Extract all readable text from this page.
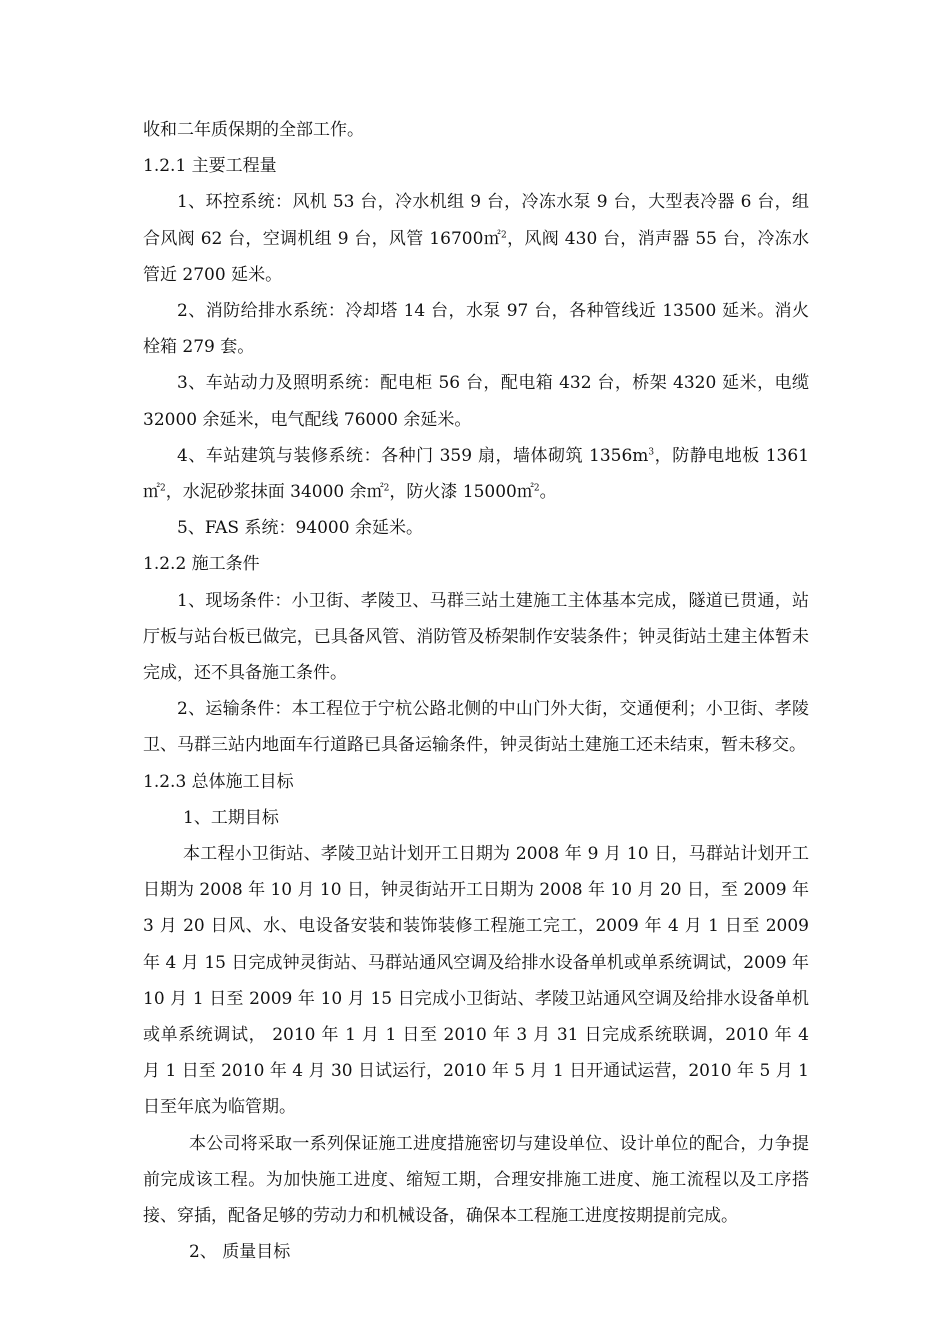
收和二年质保期的全部工作。

1.2.1 主要工程量

1、环控系统：风机 53 台，冷水机组 9 台，冷冻水泵 9 台，大型表冷器 6 台，组合风阀 62 台，空调机组 9 台，风管 16700㎡$^2$，风阀 430 台，消声器 55 台，冷冻水管近 2700 延米。

2、消防给排水系统：冷却塔 14 台，水泵 97 台，各种管线近 13500 延米。消火栓箱 279 套。

3、车站动力及照明系统：配电柜 56 台，配电箱 432 台，桥架 4320 延米，电缆 32000 余延米，电气配线 76000 余延米。

4、车站建筑与装修系统：各种门 359 扇，墙体砌筑 $1356m^3$，防静电地板 1361 ㎡$^2$，水泥砂浆抹面 34000 余㎡$^2$，防火漆 15000㎡$^2$。

5、FAS 系统：94000 余延米。

1.2.2 施工条件

1、现场条件：小卫街、孝陵卫、马群三站土建施工主体基本完成，隧道已贯通，站厅板与站台板已做完，已具备风管、消防管及桥架制作安装条件；钟灵街站土建主体暂未完成，还不具备施工条件。

2、运输条件：本工程位于宁杭公路北侧的中山门外大街，交通便利；小卫街、孝陵卫、马群三站内地面车行道路已具备运输条件，钟灵街站土建施工还未结束，暂未移交。

1.2.3 总体施工目标

1、工期目标

本工程小卫街站、孝陵卫站计划开工日期为 2008 年 9 月 10 日，马群站计划开工日期为 2008 年 10 月 10 日，钟灵街站开工日期为 2008 年 10 月 20 日，至 2009 年 3 月 20 日风、水、电设备安装和装饰装修工程施工完工，2009 年 4 月 1 日至 2009 年 4 月 15 日完成钟灵街站、马群站通风空调及给排水设备单机或单系统调试，2009 年 10 月 1 日至 2009 年 10 月 15 日完成小卫街站、孝陵卫站通风空调及给排水设备单机或单系统调试， 2010 年 1 月 1 日至 2010 年 3 月 31 日完成系统联调，2010 年 4 月 1 日至 2010 年 4 月 30 日试运行，2010 年 5 月 1 日开通试运营，2010 年 5 月 1 日至年底为临管期。

本公司将采取一系列保证施工进度措施密切与建设单位、设计单位的配合，力争提前完成该工程。为加快施工进度、缩短工期，合理安排施工进度、施工流程以及工序搭接、穿插，配备足够的劳动力和机械设备，确保本工程施工进度按期提前完成。

2、 质量目标
